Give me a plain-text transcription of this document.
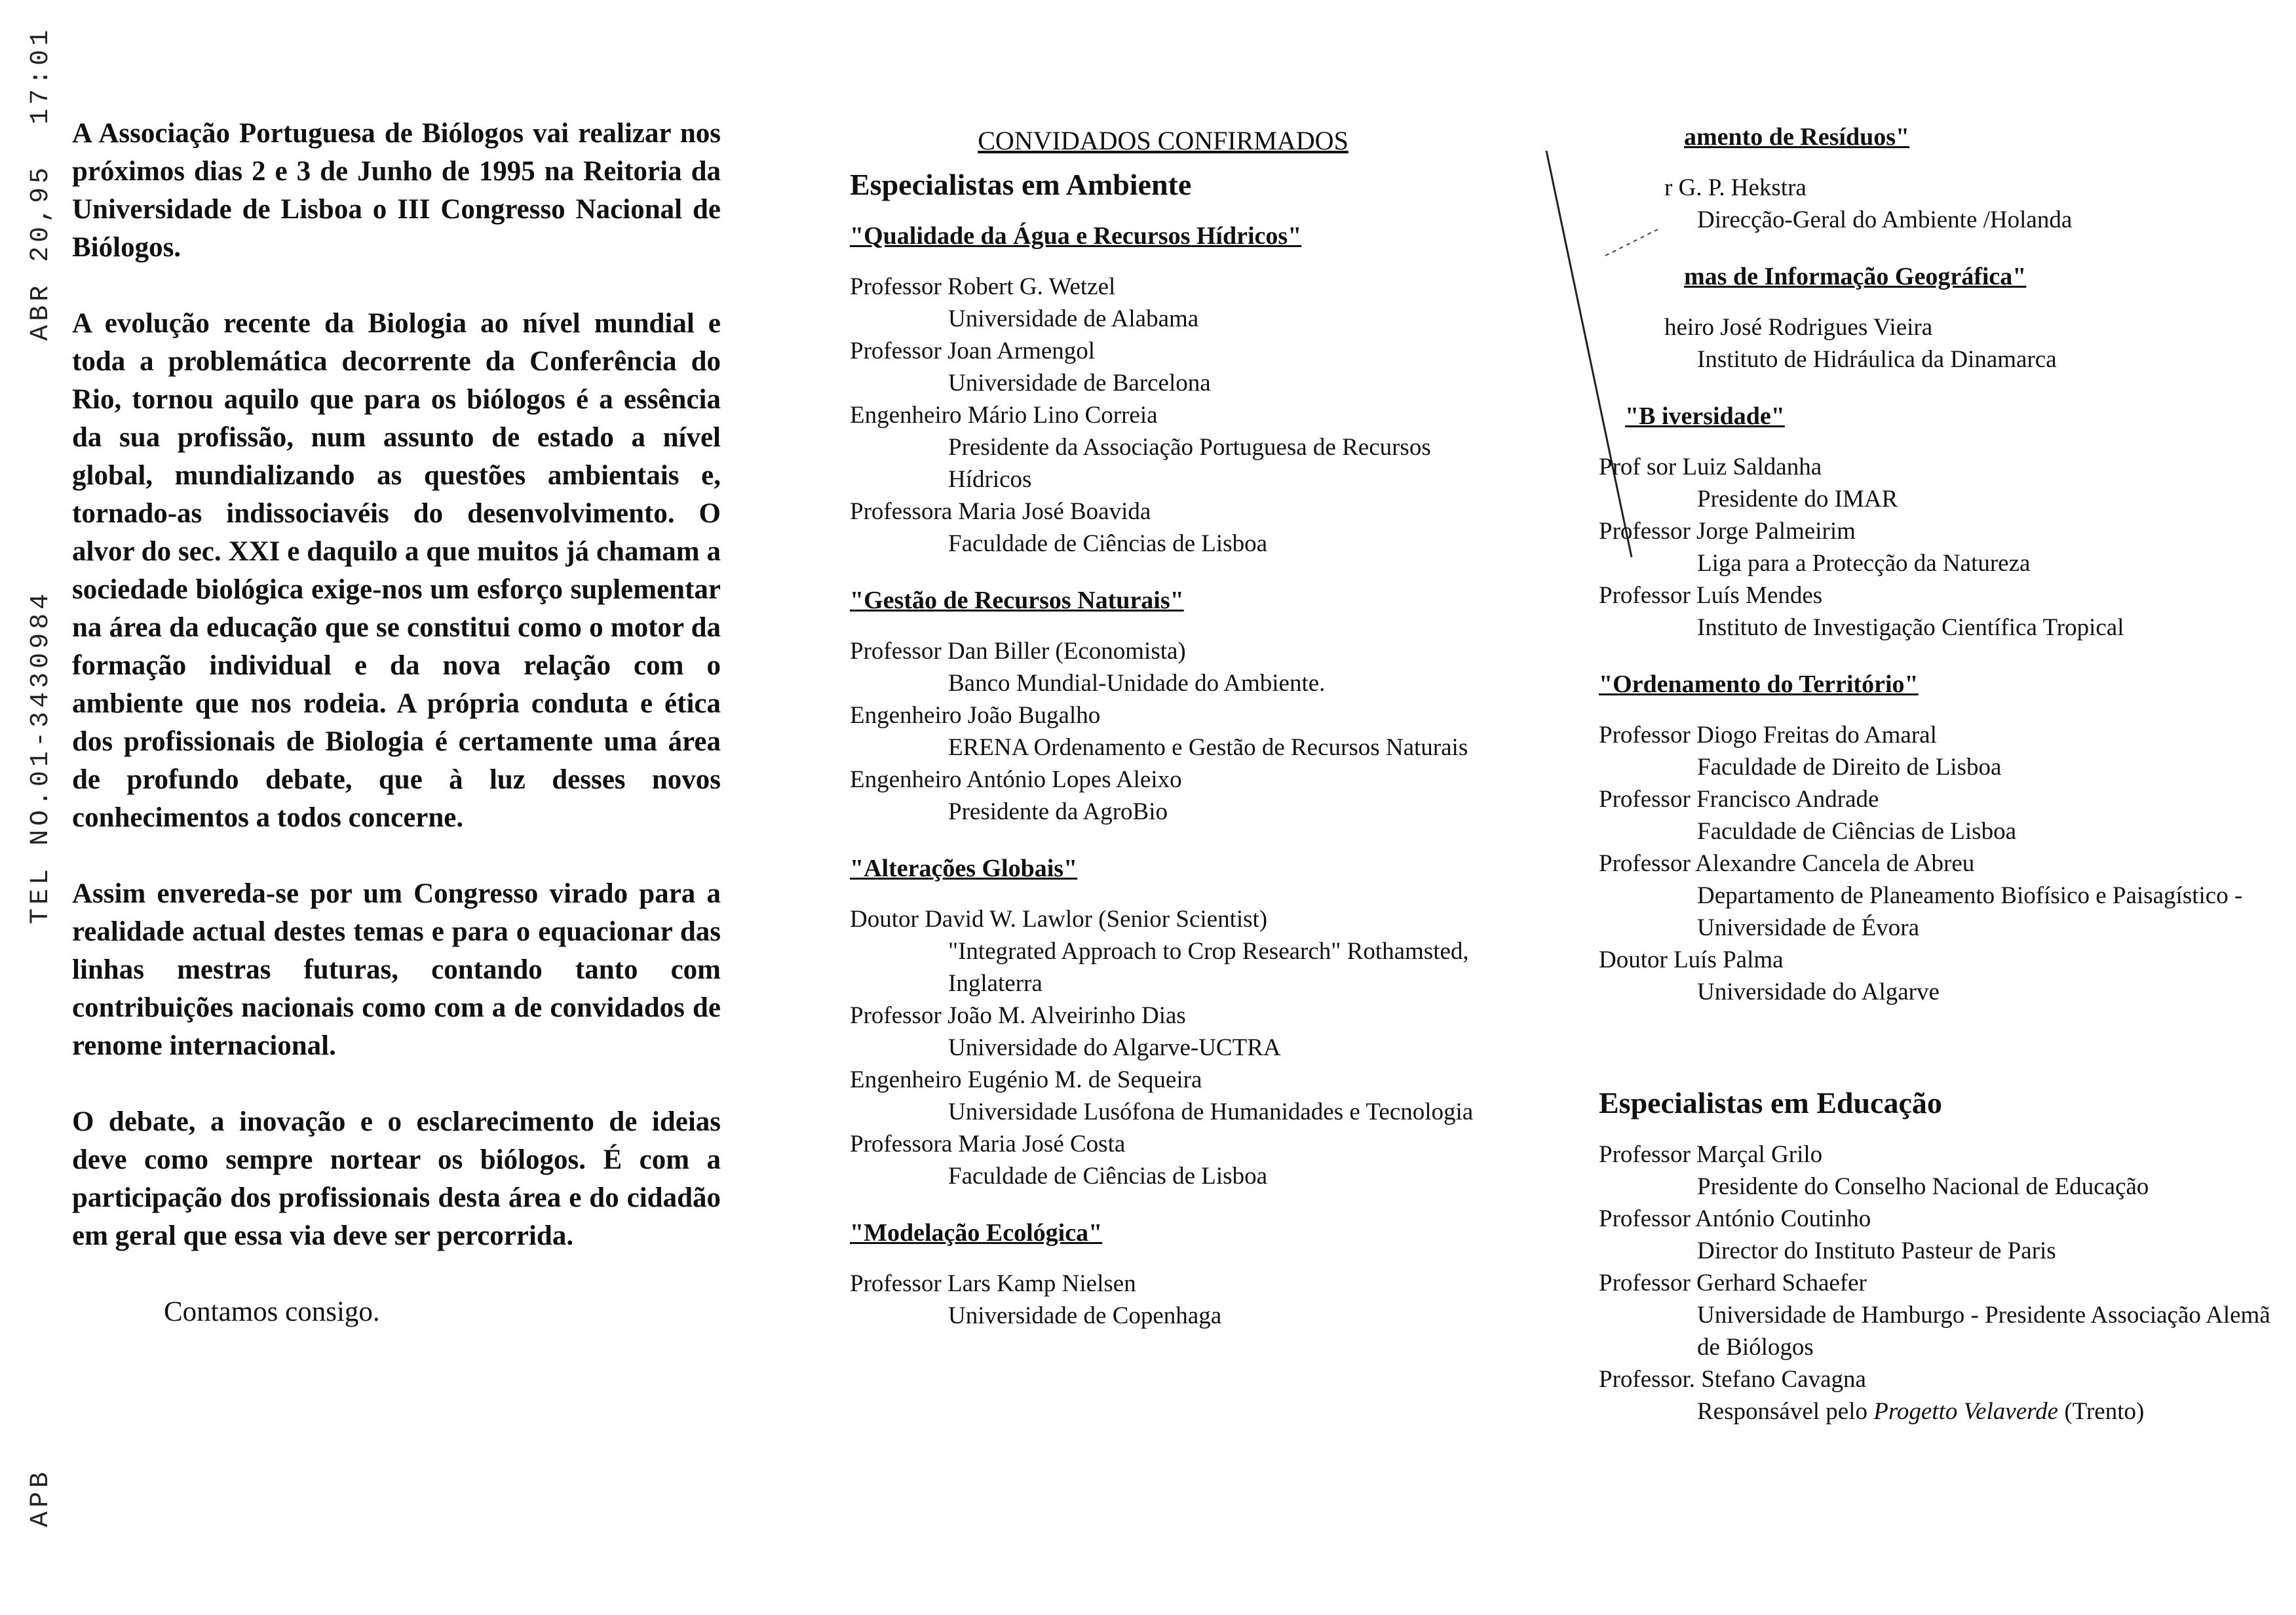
APBTEL NO.01-3430984ABR 20,9517:01

A Associação Portuguesa de Biólogos vai realizar nos próximos dias 2 e 3 de Junho de 1995 na Reitoria da Universidade de Lisboa o III Congresso Nacional de Biólogos.

A evolução recente da Biologia ao nível mundial e toda a problemática decorrente da Conferência do Rio, tornou aquilo que para os biólogos é a essência da sua profissão, num assunto de estado a nível global, mundializando as questões ambientais e, tornado-as indissociavéis do desenvolvimento. O alvor do sec. XXI e daquilo a que muitos já chamam a sociedade biológica exige-nos um esforço suplementar na área da educação que se constitui como o motor da formação individual e da nova relação com o ambiente que nos rodeia. A própria conduta e ética dos profissionais de Biologia é certamente uma área de profundo debate, que à luz desses novos conhecimentos a todos concerne.

Assim envereda-se por um Congresso virado para a realidade actual destes temas e para o equacionar das linhas mestras futuras, contando tanto com contribuições nacionais como com a de convidados de renome internacional.

O debate, a inovação e o esclarecimento de ideias deve como sempre nortear os biólogos. É com a participação dos profissionais desta área e do cidadão em geral que essa via deve ser percorrida.

Contamos consigo.

CONVIDADOS CONFIRMADOS
Especialistas em Ambiente
"Qualidade da Água e Recursos Hídricos"
Professor Robert G. Wetzel
Universidade de Alabama
Professor Joan Armengol
Universidade de Barcelona
Engenheiro Mário Lino Correia
Presidente da Associação Portuguesa de Recursos Hídricos
Professora Maria José Boavida
Faculdade de Ciências de Lisboa
"Gestão de Recursos Naturais"
Professor Dan Biller (Economista)
Banco Mundial-Unidade do Ambiente.
Engenheiro João Bugalho
ERENA Ordenamento e Gestão de Recursos Naturais
Engenheiro António Lopes Aleixo
Presidente da AgroBio
"Alterações Globais"
Doutor David W. Lawlor (Senior Scientist)
"Integrated Approach to Crop Research" Rothamsted, Inglaterra
Professor João M. Alveirinho Dias
Universidade do Algarve-UCTRA
Engenheiro Eugénio M. de Sequeira
Universidade Lusófona de Humanidades e Tecnologia
Professora Maria José Costa
Faculdade de Ciências de Lisboa
"Modelação Ecológica"
Professor Lars Kamp Nielsen
Universidade de Copenhaga
amento de Resíduos"
r G. P. Hekstra
Direcção-Geral do Ambiente /Holanda
mas de Informação Geográfica"
heiro José Rodrigues Vieira
Instituto de Hidráulica da Dinamarca
"B iversidade"
Prof sor Luiz Saldanha
Presidente do IMAR
Professor Jorge Palmeirim
Liga para a Protecção da Natureza
Professor Luís Mendes
Instituto de Investigação Científica Tropical
"Ordenamento do Território"
Professor Diogo Freitas do Amaral
Faculdade de Direito de Lisboa
Professor Francisco Andrade
Faculdade de Ciências de Lisboa
Professor Alexandre Cancela de Abreu
Departamento de Planeamento Biofísico e Paisagístico - Universidade de Évora
Doutor Luís Palma
Universidade do Algarve
Especialistas em Educação
Professor Marçal Grilo
Presidente do Conselho Nacional de Educação
Professor António Coutinho
Director do Instituto Pasteur de Paris
Professor Gerhard Schaefer
Universidade de Hamburgo - Presidente Associação Alemã de Biólogos
Professor. Stefano Cavagna
Responsável pelo Progetto Velaverde (Trento)
